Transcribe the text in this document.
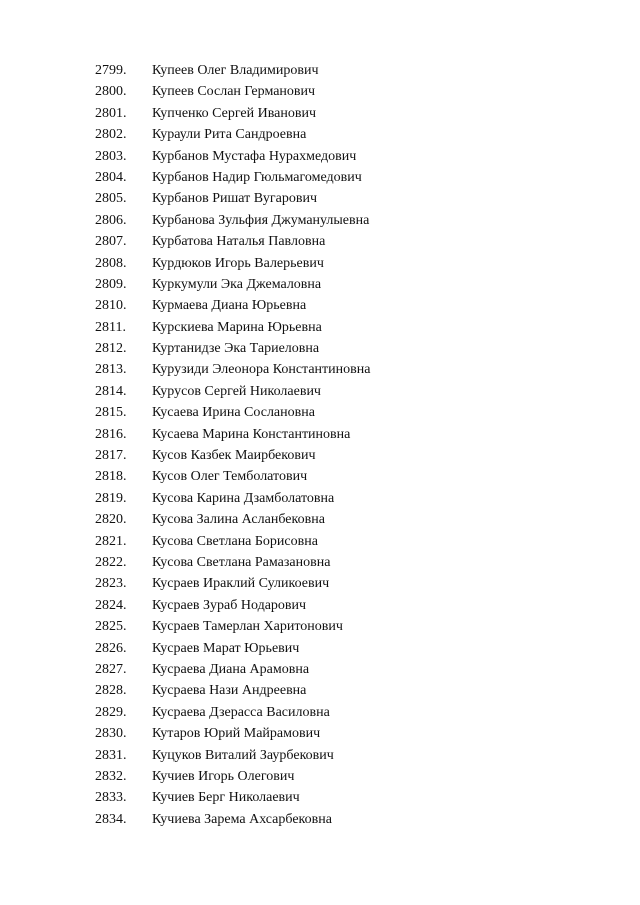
2799. Купеев Олег Владимирович
2800. Купеев Сослан Германович
2801. Купченко Сергей Иванович
2802. Кураули Рита Сандроевна
2803. Курбанов Мустафа Нурахмедович
2804. Курбанов Надир Гюльмагомедович
2805. Курбанов Ришат Вугарович
2806. Курбанова Зульфия Джуманулыевна
2807. Курбатова Наталья Павловна
2808. Курдюков Игорь Валерьевич
2809. Куркумули Эка Джемаловна
2810. Курмаева Диана Юрьевна
2811. Курскиева Марина Юрьевна
2812. Куртанидзе Эка Тариеловна
2813. Курузиди Элеонора Константиновна
2814. Курусов Сергей Николаевич
2815. Кусаева Ирина Сослановна
2816. Кусаева Марина Константиновна
2817. Кусов Казбек Маирбекович
2818. Кусов Олег Темболатович
2819. Кусова Карина Дзамболатовна
2820. Кусова Залина Асланбековна
2821. Кусова Светлана Борисовна
2822. Кусова Светлана Рамазановна
2823. Кусраев Ираклий Суликоевич
2824. Кусраев Зураб Нодарович
2825. Кусраев Тамерлан Харитонович
2826. Кусраев Марат Юрьевич
2827. Кусраева Диана Арамовна
2828. Кусраева Нази Андреевна
2829. Кусраева Дзерасса Василовна
2830. Кутаров Юрий Майрамович
2831. Куцуков Виталий Заурбекович
2832. Кучиев Игорь Олегович
2833. Кучиев Берг Николаевич
2834. Кучиева Зарема Ахсарбековна
